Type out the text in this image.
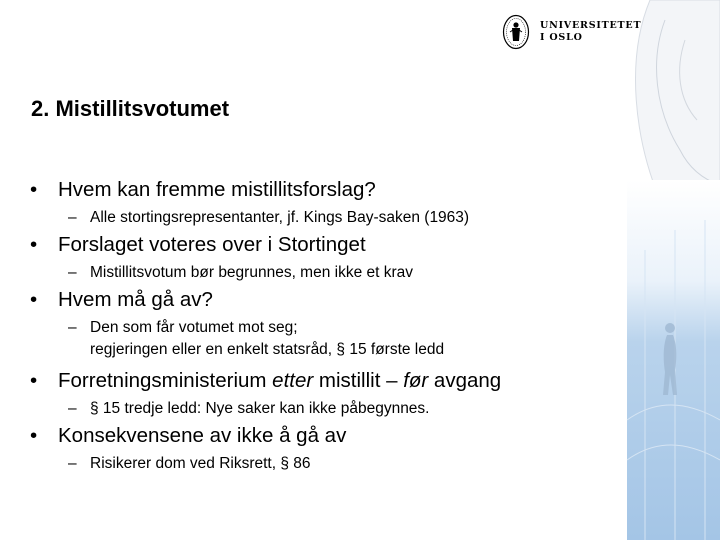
UNIVERSITETET
I OSLO
2. Mistillitsvotumet
• Hvem kan fremme mistillitsforslag?
– Alle stortingsrepresentanter, jf. Kings Bay-saken (1963)
• Forslaget voteres over i Stortinget
– Mistillitsvotum bør begrunnes, men ikke et krav
• Hvem må gå av?
– Den som får votumet mot seg;
regjeringen eller en enkelt statsråd, § 15 første ledd
• Forretningsministerium etter mistillit – før avgang
– § 15 tredje ledd: Nye saker kan ikke påbegynnes.
• Konsekvensene av ikke å gå av
– Risikerer dom ved Riksrett, § 86
